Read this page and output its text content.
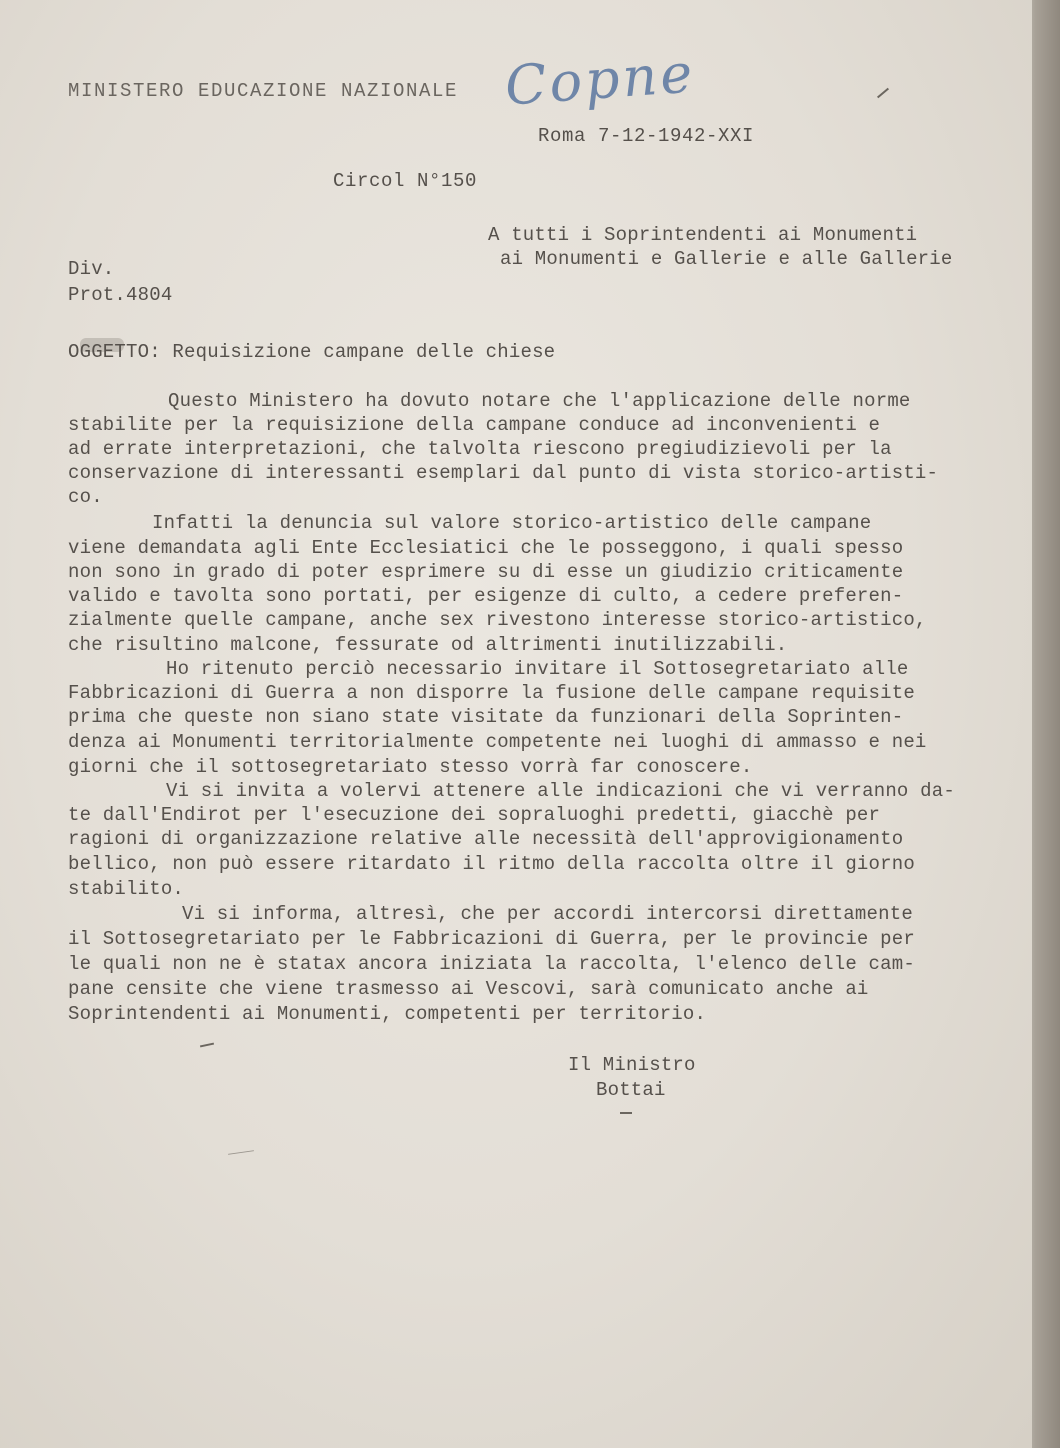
MINISTERO EDUCAZIONE NAZIONALE Copne
Roma 7-12-1942-XXI
Circol N°150
A tutti i Soprintendenti ai Monumenti
ai Monumenti e Gallerie e alle Gallerie
Div.
Prot.4804
OGGETTO: Requisizione campane delle chiese
Questo Ministero ha dovuto notare che l'applicazione delle norme
stabilite per la requisizione della campane conduce ad inconvenienti e
ad errate interpretazioni, che talvolta riescono pregiudizievoli per la
conservazione di interessanti esemplari dal punto di vista storico-artisti-
co.
Infatti la denuncia sul valore storico-artistico delle campane
viene demandata agli Ente Ecclesiatici che le posseggono, i quali spesso
non sono in grado di poter esprimere su di esse un giudizio criticamente
valido e tavolta sono portati, per esigenze di culto, a cedere preferen-
zialmente quelle campane, anche sex rivestono interesse storico-artistico,
che risultino malcone, fessurate od altrimenti inutilizzabili.
Ho ritenuto perciò necessario invitare il Sottosegretariato alle
Fabbricazioni di Guerra a non disporre la fusione delle campane requisite
prima che queste non siano state visitate da funzionari della Soprinten-
denza ai Monumenti territorialmente competente nei luoghi di ammasso e nei
giorni che il sottosegretariato stesso vorrà far conoscere.
Vi si invita a volervi attenere alle indicazioni che vi verranno da-
te dall'Endirot per l'esecuzione dei sopraluoghi predetti, giacchè per
ragioni di organizzazione relative alle necessità dell'approvigionamento
bellico, non può essere ritardato il ritmo della raccolta oltre il giorno
stabilito.
Vi si informa, altresì, che per accordi intercorsi direttamente
il Sottosegretariato per le Fabbricazioni di Guerra, per le provincie per
le quali non ne è statax ancora iniziata la raccolta, l'elenco delle cam-
pane censite che viene trasmesso ai Vescovi, sarà comunicato anche ai
Soprintendenti ai Monumenti, competenti per territorio.
Il Ministro
Bottai
